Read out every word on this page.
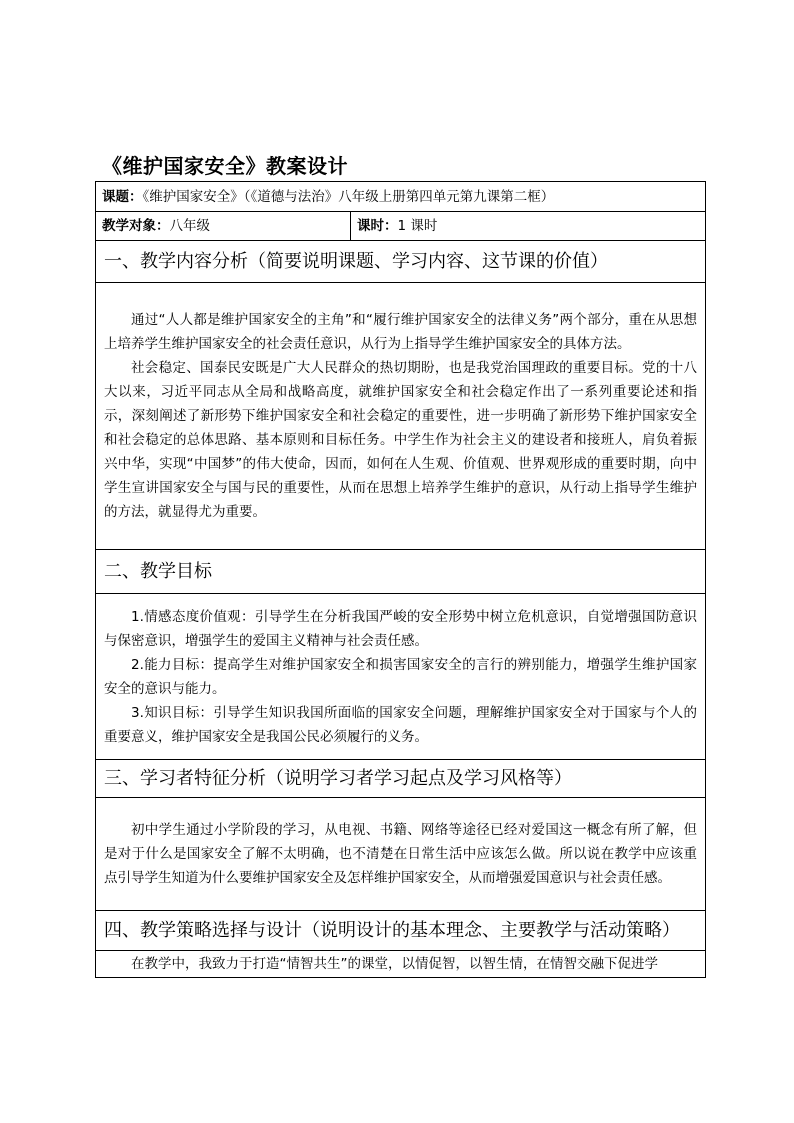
《维护国家安全》教案设计
课题：《维护国家安全》（《道德与法治》八年级上册第四单元第九课第二框）
教学对象：八年级	课时：1 课时
一、教学内容分析（简要说明课题、学习内容、这节课的价值）

通过“人人都是维护国家安全的主角”和“履行维护国家安全的法律义务”两个部分，重在从思想上培养学生维护国家安全的社会责任意识，从行为上指导学生维护国家安全的具体方法。

社会稳定、国泰民安既是广大人民群众的热切期盼，也是我党治国理政的重要目标。党的十八大以来，习近平同志从全局和战略高度，就维护国家安全和社会稳定作出了一系列重要论述和指示，深刻阐述了新形势下维护国家安全和社会稳定的重要性，进一步明确了新形势下维护国家安全和社会稳定的总体思路、基本原则和目标任务。中学生作为社会主义的建设者和接班人，肩负着振兴中华，实现“中国梦”的伟大使命，因而，如何在人生观、价值观、世界观形成的重要时期，向中学生宣讲国家安全与国与民的重要性，从而在思想上培养学生维护的意识，从行动上指导学生维护的方法，就显得尤为重要。

二、教学目标

1.情感态度价值观：引导学生在分析我国严峻的安全形势中树立危机意识，自觉增强国防意识与保密意识，增强学生的爱国主义精神与社会责任感。

2.能力目标：提高学生对维护国家安全和损害国家安全的言行的辨别能力，增强学生维护国家安全的意识与能力。

3.知识目标：引导学生知识我国所面临的国家安全问题，理解维护国家安全对于国家与个人的重要意义，维护国家安全是我国公民必须履行的义务。

三、学习者特征分析（说明学习者学习起点及学习风格等）

初中学生通过小学阶段的学习，从电视、书籍、网络等途径已经对爱国这一概念有所了解，但是对于什么是国家安全了解不太明确，也不清楚在日常生活中应该怎么做。所以说在教学中应该重点引导学生知道为什么要维护国家安全及怎样维护国家安全，从而增强爱国意识与社会责任感。

四、教学策略选择与设计（说明设计的基本理念、主要教学与活动策略）

在教学中，我致力于打造“情智共生”的课堂，以情促智，以智生情，在情智交融下促进学
